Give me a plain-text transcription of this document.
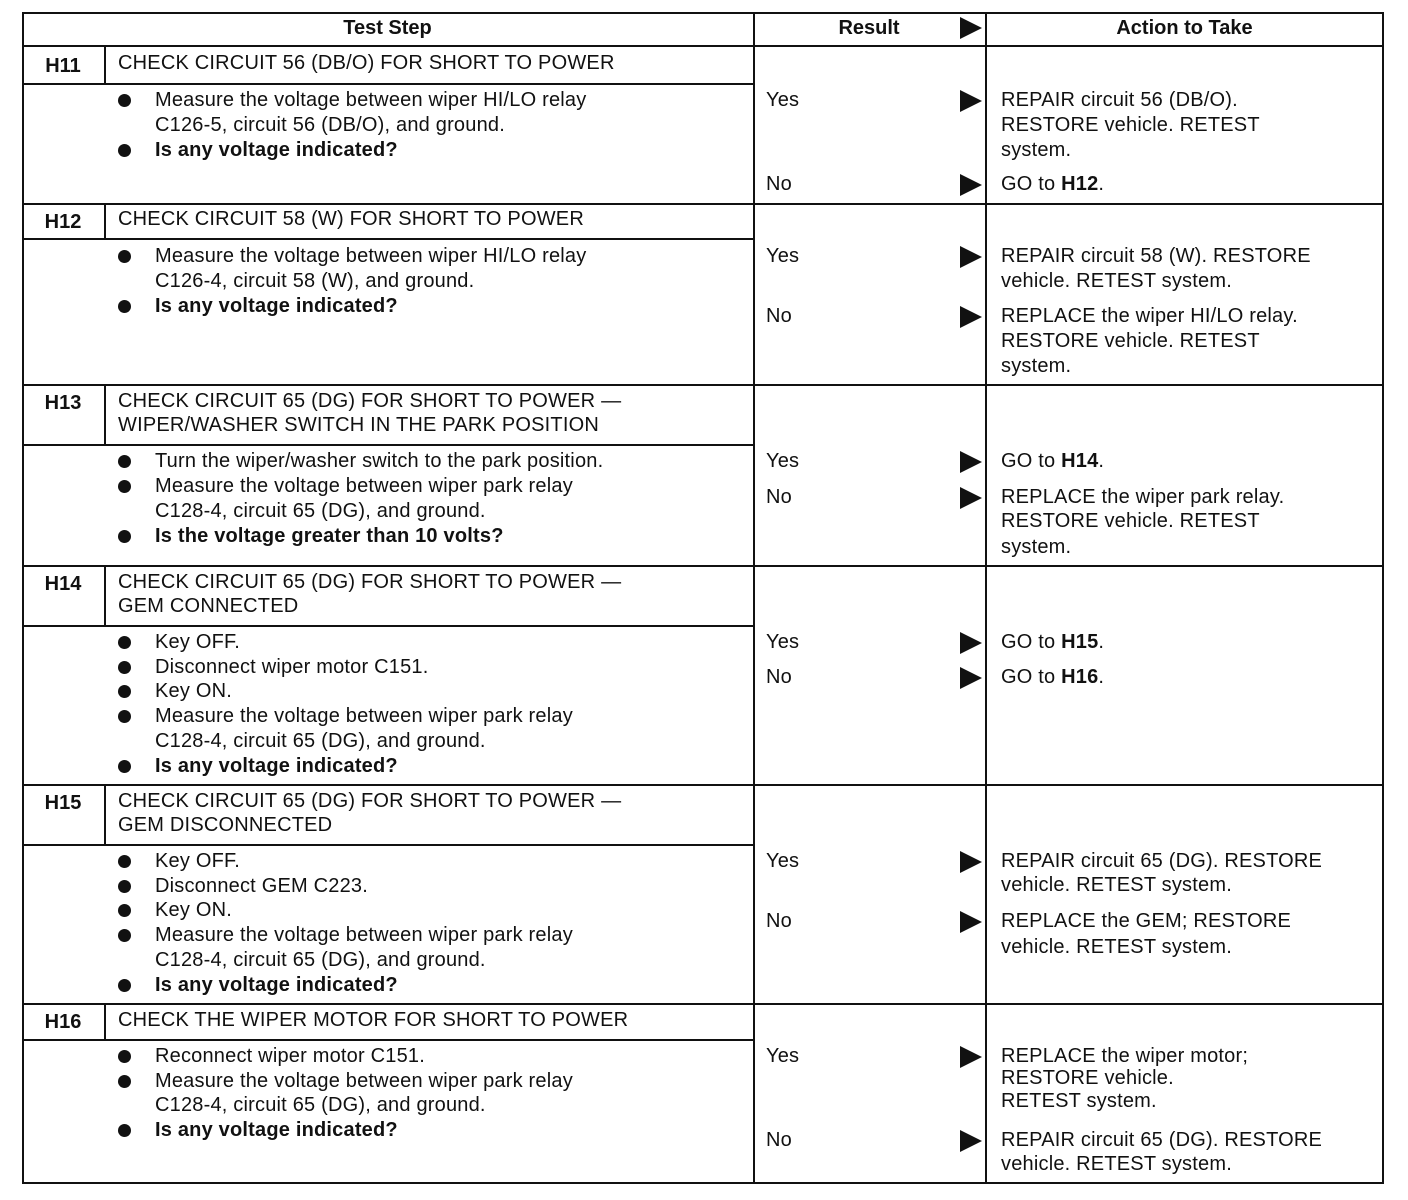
Test Step	Result	Action to Take
H11	CHECK CIRCUIT 56 (DB/O) FOR SHORT TO POWER
Measure the voltage between wiper HI/LO relay
C126-5, circuit 56 (DB/O), and ground.
Is any voltage indicated?
Yes	REPAIR circuit 56 (DB/O).
RESTORE vehicle. RETEST
system.
No	GO to H12.
H12	CHECK CIRCUIT 58 (W) FOR SHORT TO POWER
Measure the voltage between wiper HI/LO relay
C126-4, circuit 58 (W), and ground.
Is any voltage indicated?
Yes	REPAIR circuit 58 (W). RESTORE
vehicle. RETEST system.
No	REPLACE the wiper HI/LO relay.
RESTORE vehicle. RETEST
system.
H13	CHECK CIRCUIT 65 (DG) FOR SHORT TO POWER —
WIPER/WASHER SWITCH IN THE PARK POSITION
Turn the wiper/washer switch to the park position.
Measure the voltage between wiper park relay
C128-4, circuit 65 (DG), and ground.
Is the voltage greater than 10 volts?
Yes	GO to H14.
No	REPLACE the wiper park relay.
RESTORE vehicle. RETEST
system.
H14	CHECK CIRCUIT 65 (DG) FOR SHORT TO POWER —
GEM CONNECTED
Key OFF.
Disconnect wiper motor C151.
Key ON.
Measure the voltage between wiper park relay
C128-4, circuit 65 (DG), and ground.
Is any voltage indicated?
Yes	GO to H15.
No	GO to H16.
H15	CHECK CIRCUIT 65 (DG) FOR SHORT TO POWER —
GEM DISCONNECTED
Key OFF.
Disconnect GEM C223.
Key ON.
Measure the voltage between wiper park relay
C128-4, circuit 65 (DG), and ground.
Is any voltage indicated?
Yes	REPAIR circuit 65 (DG). RESTORE
vehicle. RETEST system.
No	REPLACE the GEM; RESTORE
vehicle. RETEST system.
H16	CHECK THE WIPER MOTOR FOR SHORT TO POWER
Reconnect wiper motor C151.
Measure the voltage between wiper park relay
C128-4, circuit 65 (DG), and ground.
Is any voltage indicated?
Yes	REPLACE the wiper motor;
RESTORE vehicle.
RETEST system.
No	REPAIR circuit 65 (DG). RESTORE
vehicle. RETEST system.
